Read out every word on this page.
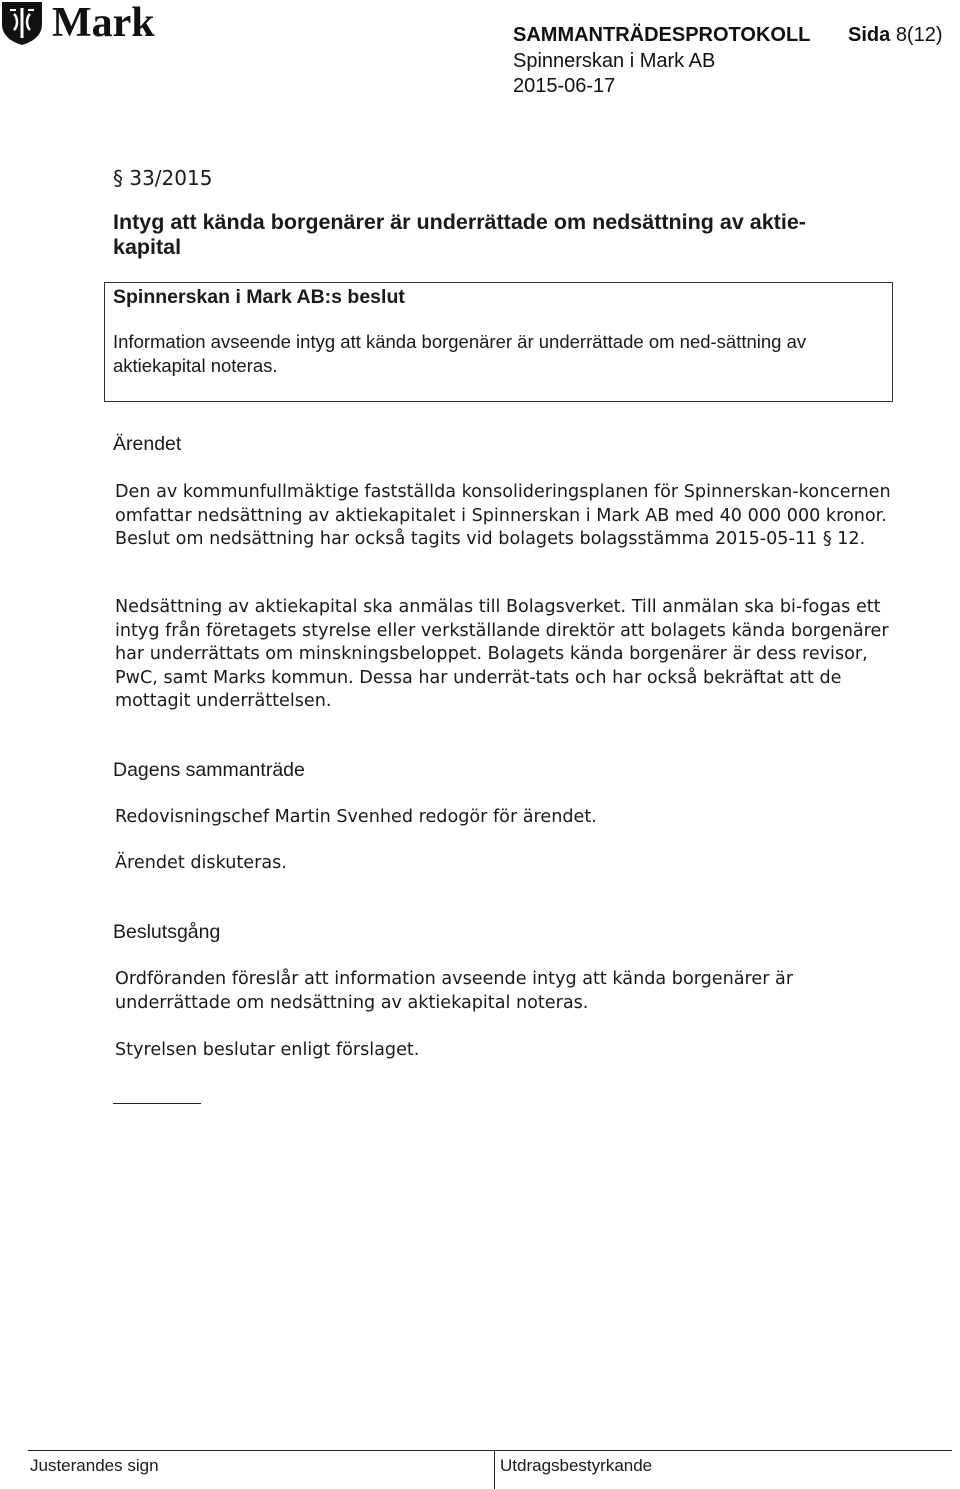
Mark	SAMMANTRÄDESPROTOKOLL Sida 8(12)
Spinnerskan i Mark AB
2015-06-17
§ 33/2015
Intyg att kända borgenärer är underrättade om nedsättning av aktie-kapital
Spinnerskan i Mark AB:s beslut
Information avseende intyg att kända borgenärer är underrättade om ned-sättning av aktiekapital noteras.
Ärendet
Den av kommunfullmäktige fastställda konsolideringsplanen för Spinnerskan-koncernen omfattar nedsättning av aktiekapitalet i Spinnerskan i Mark AB med 40 000 000 kronor. Beslut om nedsättning har också tagits vid bolagets bolagsstämma 2015-05-11 § 12.
Nedsättning av aktiekapital ska anmälas till Bolagsverket. Till anmälan ska bi-fogas ett intyg från företagets styrelse eller verkställande direktör att bolagets kända borgenärer har underrättats om minskningsbeloppet. Bolagets kända borgenärer är dess revisor, PwC, samt Marks kommun. Dessa har underrät-tats och har också bekräftat att de mottagit underrättelsen.
Dagens sammanträde
Redovisningschef Martin Svenhed redogör för ärendet.
Ärendet diskuteras.
Beslutsgång
Ordföranden föreslår att information avseende intyg att kända borgenärer är underrättade om nedsättning av aktiekapital noteras.
Styrelsen beslutar enligt förslaget.
Justerandes sign	Utdragsbestyrkande
